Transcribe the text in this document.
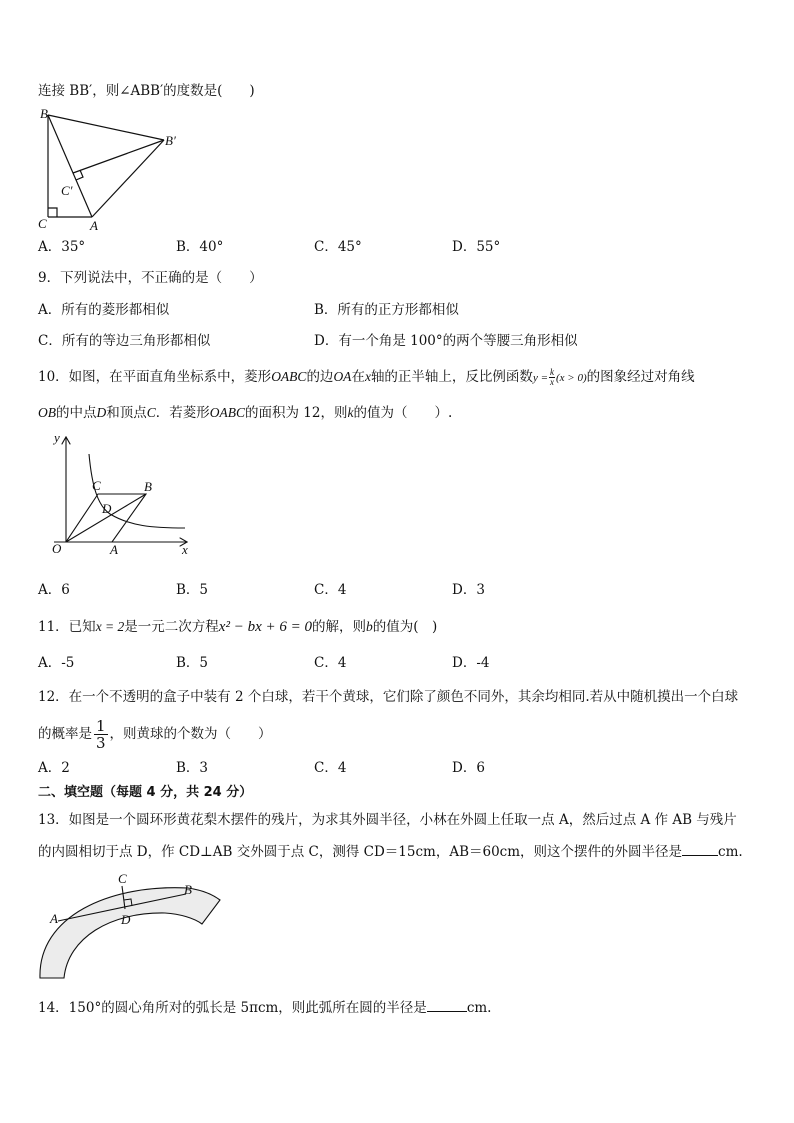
连接 BB′，则∠ABB′的度数是(　　)
B
B′
C′
C	A
A．35°	B．40°	C．45°	D．55°
9．下列说法中，不正确的是（　　）
A．所有的菱形都相似	B．所有的正方形都相似
C．所有的等边三角形都相似	D．有一个角是 100°的两个等腰三角形相似
10．如图，在平面直角坐标系中，菱形OABC的边OA在x轴的正半轴上，反比例函数$y = \frac{k}{x} (x > 0)$的图象经过对角线
OB的中点D和顶点C．若菱形OABC的面积为 12，则k的值为（　　）.
y
C	B
D
O	A	x
A．6	B．5	C．4	D．3
11．已知x = 2是一元二次方程x² − bx + 6 = 0的解，则b的值为(　)
A．-5	B．5	C．4	D．-4
12．在一个不透明的盒子中装有 2 个白球，若干个黄球，它们除了颜色不同外，其余均相同.若从中随机摸出一个白球
的概率是 $\frac{1}{3}$ ，则黄球的个数为（　　）
A．2	B．3	C．4	D．6
二、填空题（每题 4 分，共 24 分）
13．如图是一个圆环形黄花梨木摆件的残片，为求其外圆半径，小林在外圆上任取一点 A，然后过点 A 作 AB 与残片
的内圆相切于点 D，作 CD⊥AB 交外圆于点 C，测得 CD＝15cm，AB＝60cm，则这个摆件的外圆半径是	cm.
C
B
A	D
14．150°的圆心角所对的弧长是 5πcm，则此弧所在圆的半径是	cm.
